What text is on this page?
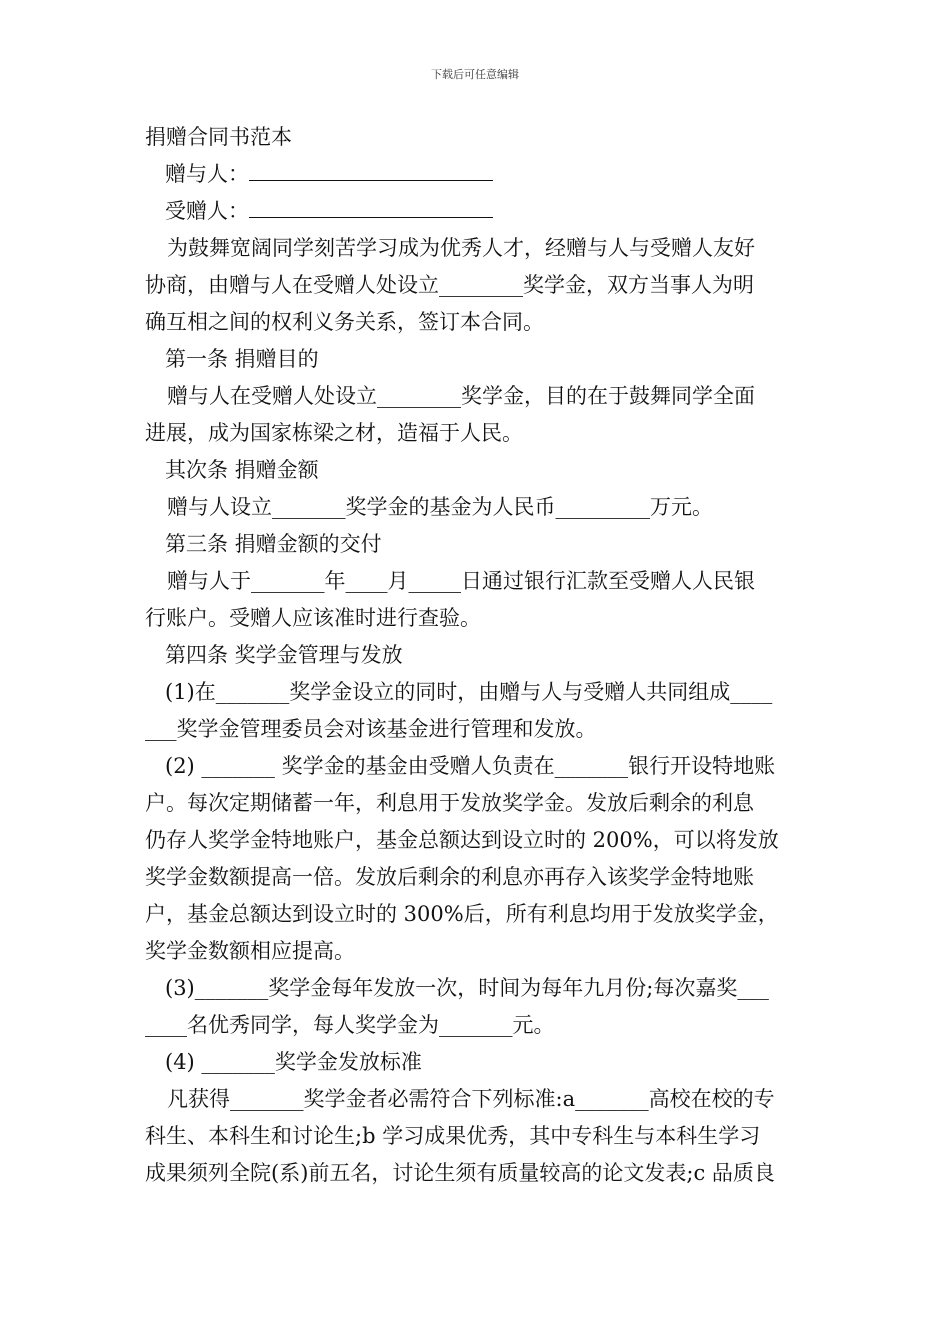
下载后可任意编辑

捐赠合同书范本

赠与人：

受赠人：

为鼓舞宽阔同学刻苦学习成为优秀人才，经赠与人与受赠人友好

协商，由赠与人在受赠人处设立________奖学金，双方当事人为明

确互相之间的权利义务关系，签订本合同。

第一条 捐赠目的

赠与人在受赠人处设立________奖学金，目的在于鼓舞同学全面

进展，成为国家栋梁之材，造福于人民。

其次条 捐赠金额

赠与人设立_______奖学金的基金为人民币_________万元。

第三条 捐赠金额的交付

赠与人于_______年____月_____日通过银行汇款至受赠人人民银

行账户。受赠人应该准时进行查验。

第四条 奖学金管理与发放

(1)在_______奖学金设立的同时，由赠与人与受赠人共同组成____

___奖学金管理委员会对该基金进行管理和发放。

(2) _______ 奖学金的基金由受赠人负责在_______银行开设特地账

户。每次定期储蓄一年，利息用于发放奖学金。发放后剩余的利息

仍存人奖学金特地账户，基金总额达到设立时的 200%，可以将发放

奖学金数额提高一倍。发放后剩余的利息亦再存入该奖学金特地账

户，基金总额达到设立时的 300%后，所有利息均用于发放奖学金，

奖学金数额相应提高。

(3)_______奖学金每年发放一次，时间为每年九月份;每次嘉奖___

____名优秀同学，每人奖学金为_______元。

(4) _______奖学金发放标准

凡获得_______奖学金者必需符合下列标准:a_______高校在校的专

科生、本科生和讨论生;b 学习成果优秀，其中专科生与本科生学习

成果须列全院(系)前五名，讨论生须有质量较高的论文发表;c 品质良
